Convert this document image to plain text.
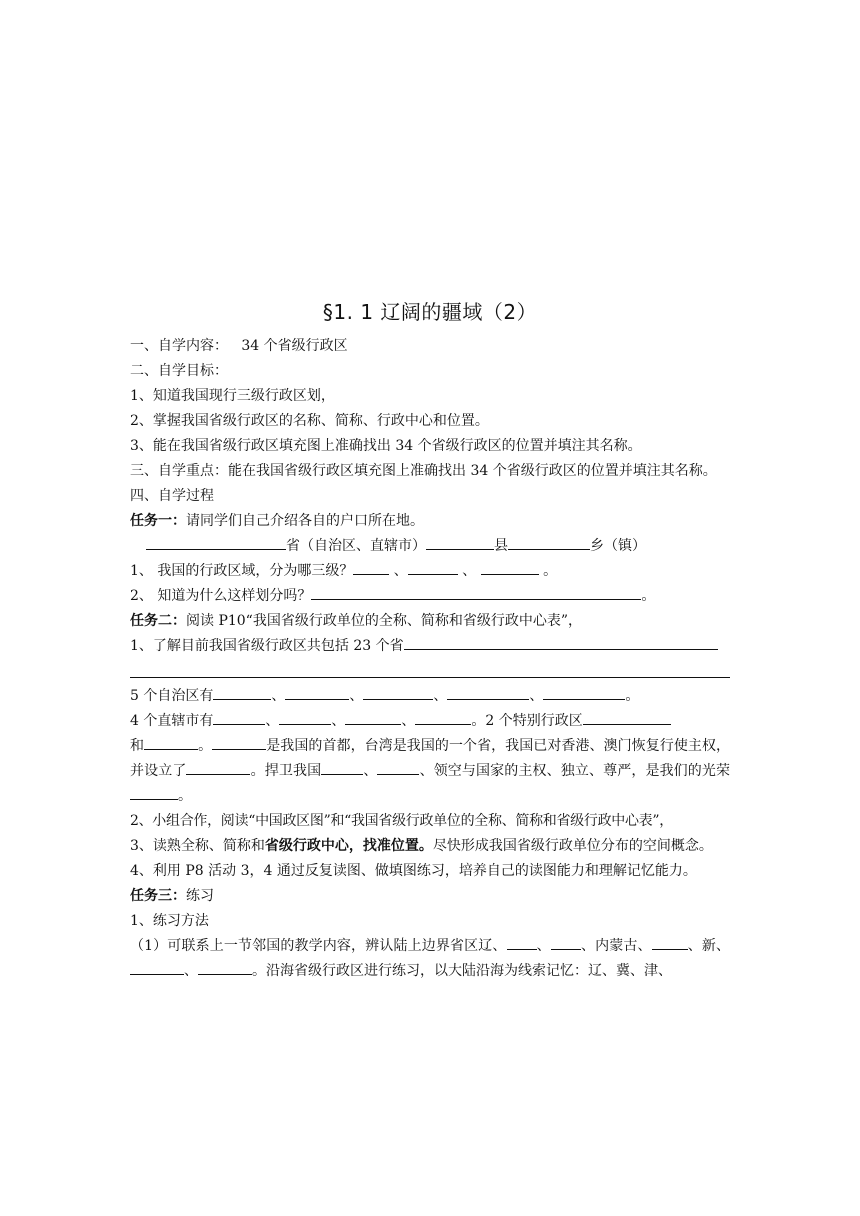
§1. 1 辽阔的疆域（2）

一、自学内容：   34 个省级行政区

二、自学目标：

1、知道我国现行三级行政区划，

2、掌握我国省级行政区的名称、简称、行政中心和位置。

3、能在我国省级行政区填充图上准确找出 34 个省级行政区的位置并填注其名称。

三、自学重点：能在我国省级行政区填充图上准确找出 34 个省级行政区的位置并填注其名称。

四、自学过程

任务一：请同学们自己介绍各自的户口所在地。

省（自治区、直辖市）	县	乡（镇）

1、 我国的行政区域，分为哪三级？	、	、	。

2、 知道为什么这样划分吗？	。

任务二：阅读 P10“我国省级行政单位的全称、简称和省级行政中心表”，

1、了解目前我国省级行政区共包括 23 个省

5 个自治区有	、	、	、	、	。

4 个直辖市有	、	、	、	。2 个特别行政区

和	。	是我国的首都，台湾是我国的一个省，我国已对香港、澳门恢复行使主权，并设立了	。捍卫我国	、	、领空与国家的主权、独立、尊严，是我们的光荣。

2、小组合作，阅读“中国政区图”和“我国省级行政单位的全称、简称和省级行政中心表”，

3、读熟全称、简称和省级行政中心，找准位置。尽快形成我国省级行政单位分布的空间概念。

4、利用 P8 活动 3，4 通过反复读图、做填图练习，培养自己的读图能力和理解记忆能力。

任务三：练习

1、练习方法

（1）可联系上一节邻国的教学内容，辨认陆上边界省区辽、 、 、内蒙古、	、新、、	。沿海省级行政区进行练习，以大陆沿海为线索记忆：辽、冀、津、
